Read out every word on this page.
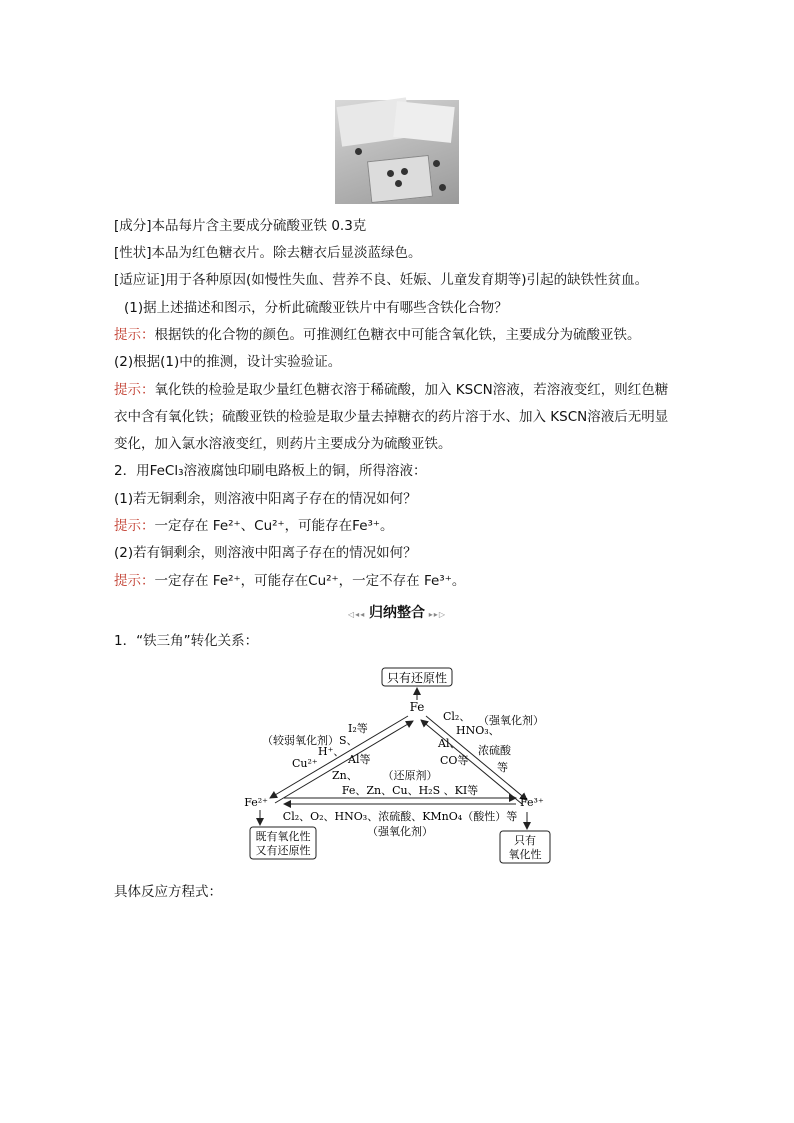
[成分]本品每片含主要成分硫酸亚铁 0.3克
[性状]本品为红色糖衣片。除去糖衣后显淡蓝绿色。
[适应证]用于各种原因(如慢性失血、营养不良、妊娠、儿童发育期等)引起的缺铁性贫血。
(1)据上述描述和图示，分析此硫酸亚铁片中有哪些含铁化合物？
提示：根据铁的化合物的颜色。可推测红色糖衣中可能含氧化铁，主要成分为硫酸亚铁。
(2)根据(1)中的推测，设计实验验证。
提示：氧化铁的检验是取少量红色糖衣溶于稀硫酸，加入 KSCN溶液，若溶液变红，则红色糖
衣中含有氧化铁；硫酸亚铁的检验是取少量去掉糖衣的药片溶于水、加入 KSCN溶液后无明显
变化，加入氯水溶液变红，则药片主要成分为硫酸亚铁。
2．用FeCl₃溶液腐蚀印刷电路板上的铜，所得溶液：
(1)若无铜剩余，则溶液中阳离子存在的情况如何？
提示：一定存在 Fe²⁺、Cu²⁺，可能存在Fe³⁺。
(2)若有铜剩余，则溶液中阳离子存在的情况如何？
提示：一定存在 Fe²⁺，可能存在Cu²⁺，一定不存在 Fe³⁺。
◁◂◂ 归纳整合 ▸▸▷
1．“铁三角”转化关系：
只有还原性
Fe
（较弱氧化剂）S、
H⁺、
Cu²⁺
I₂等
Al等
Zn、
Cl₂、
HNO₃、
（强氧化剂）
Al、
浓硫酸
CO等
等
（还原剂）
Fe、Zn、Cu、H₂S 、KI等
Cl₂、O₂、HNO₃、浓硫酸、KMnO₄（酸性）等
（强氧化剂）
Fe²⁺	Fe³⁺
既有氧化性
又有还原性
只有
氧化性
具体反应方程式：
